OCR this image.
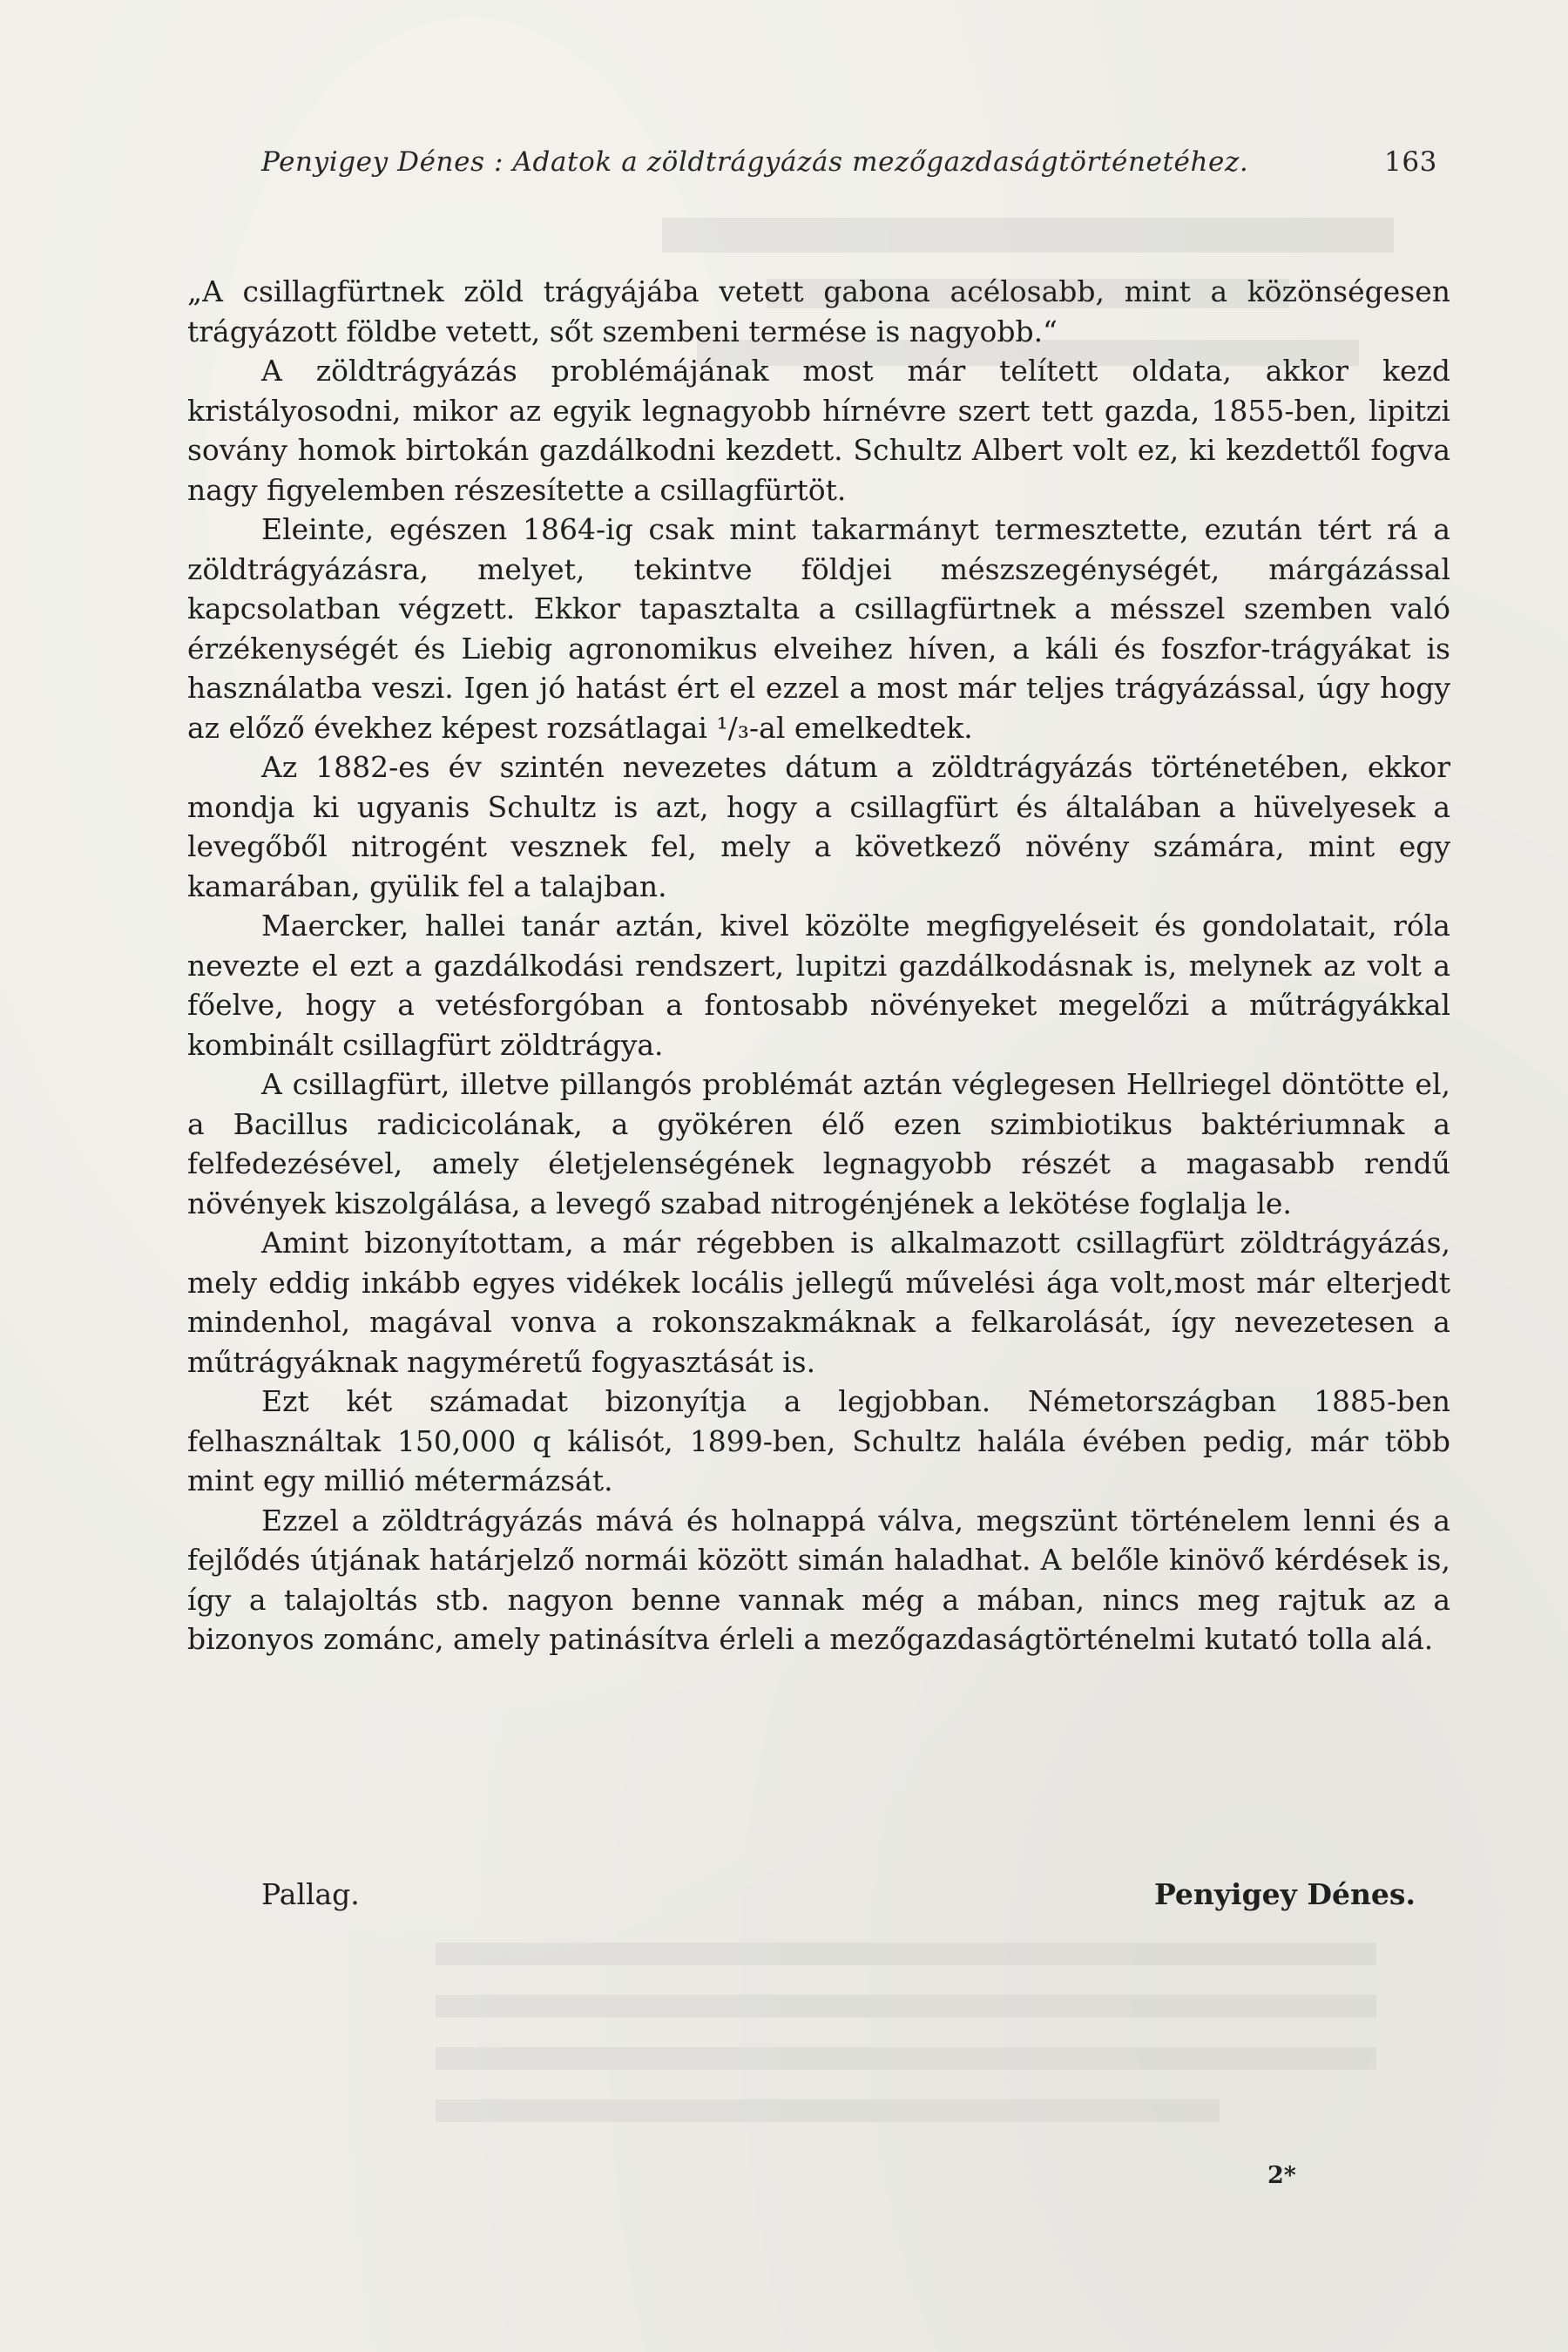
Penyigey Dénes : Adatok a zöldtrágyázás mezőgazdaságtörténetéhez.	163

„A csillagfürtnek zöld trágyájába vetett gabona acélosabb, mint a közönségesen trágyázott földbe vetett, sőt szembeni termése is nagyobb.“

A zöldtrágyázás problémájának most már telített oldata, akkor kezd kristályosodni, mikor az egyik legnagyobb hírnévre szert tett gazda, 1855-ben, lipitzi sovány homok birtokán gazdálkodni kezdett. Schultz Albert volt ez, ki kezdettől fogva nagy figyelemben részesítette a csillagfürtöt.

Eleinte, egészen 1864-ig csak mint takarmányt termesztette, ezután tért rá a zöldtrágyázásra, melyet, tekintve földjei mészszegénységét, márgázással kapcsolatban végzett. Ekkor tapasztalta a csillagfürtnek a mésszel szemben való érzékenységét és Liebig agronomikus elveihez híven, a káli és foszfor-trágyákat is használatba veszi. Igen jó hatást ért el ezzel a most már teljes trágyázással, úgy hogy az előző évekhez képest rozsátlagai ¹/₃-al emelkedtek.

Az 1882-es év szintén nevezetes dátum a zöldtrágyázás történetében, ekkor mondja ki ugyanis Schultz is azt, hogy a csillagfürt és általában a hüvelyesek a levegőből nitrogént vesznek fel, mely a következő növény számára, mint egy kamarában, gyülik fel a talajban.

Maercker, hallei tanár aztán, kivel közölte megfigyeléseit és gondolatait, róla nevezte el ezt a gazdálkodási rendszert, lupitzi gazdálkodásnak is, melynek az volt a főelve, hogy a vetésforgóban a fontosabb növényeket megelőzi a műtrágyákkal kombinált csillagfürt zöldtrágya.

A csillagfürt, illetve pillangós problémát aztán véglegesen Hellriegel döntötte el, a Bacillus radicicolának, a gyökéren élő ezen szimbiotikus baktériumnak a felfedezésével, amely életjelenségének legnagyobb részét a magasabb rendű növények kiszolgálása, a levegő szabad nitrogénjének a lekötése foglalja le.

Amint bizonyítottam, a már régebben is alkalmazott csillagfürt zöldtrágyázás, mely eddig inkább egyes vidékek locális jellegű művelési ága volt,most már elterjedt mindenhol, magával vonva a rokonszakmáknak a felkarolását, így nevezetesen a műtrágyáknak nagyméretű fogyasztását is.

Ezt két számadat bizonyítja a legjobban. Németországban 1885-ben felhasználtak 150,000 q kálisót, 1899-ben, Schultz halála évében pedig, már több mint egy millió métermázsát.

Ezzel a zöldtrágyázás mává és holnappá válva, megszünt történelem lenni és a fejlődés útjának határjelző normái között simán haladhat. A belőle kinövő kérdések is, így a talajoltás stb. nagyon benne vannak még a mában, nincs meg rajtuk az a bizonyos zománc, amely patinásítva érleli a mezőgazdaságtörténelmi kutató tolla alá.

Pallag.	Penyigey Dénes.
2*
